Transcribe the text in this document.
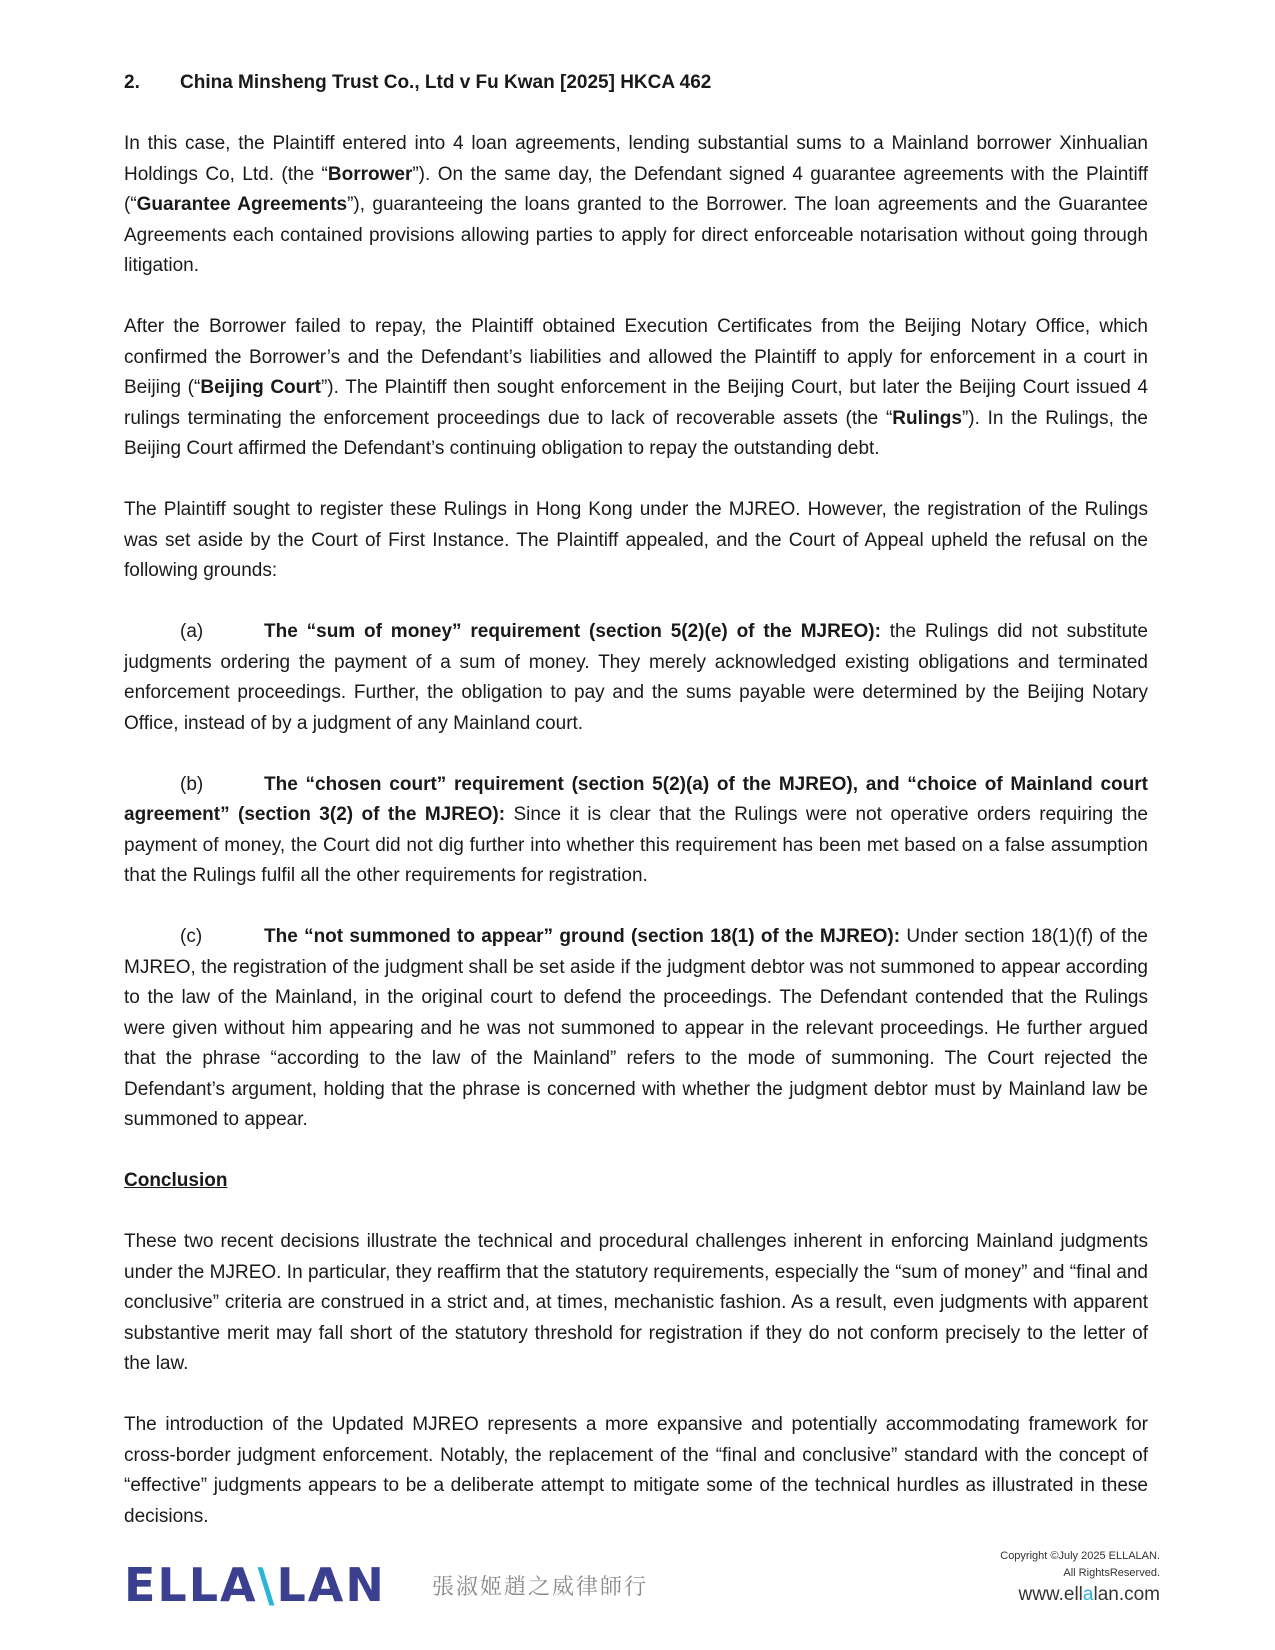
2.	China Minsheng Trust Co., Ltd v Fu Kwan [2025] HKCA 462

In this case, the Plaintiff entered into 4 loan agreements, lending substantial sums to a Mainland borrower Xinhualian Holdings Co, Ltd. (the “Borrower”). On the same day, the Defendant signed 4 guarantee agreements with the Plaintiff (“Guarantee Agreements”), guaranteeing the loans granted to the Borrower. The loan agreements and the Guarantee Agreements each contained provisions allowing parties to apply for direct enforceable notarisation without going through litigation.

After the Borrower failed to repay, the Plaintiff obtained Execution Certificates from the Beijing Notary Office, which confirmed the Borrower’s and the Defendant’s liabilities and allowed the Plaintiff to apply for enforcement in a court in Beijing (“Beijing Court”). The Plaintiff then sought enforcement in the Beijing Court, but later the Beijing Court issued 4 rulings terminating the enforcement proceedings due to lack of recoverable assets (the “Rulings”). In the Rulings, the Beijing Court affirmed the Defendant’s continuing obligation to repay the outstanding debt.

The Plaintiff sought to register these Rulings in Hong Kong under the MJREO. However, the registration of the Rulings was set aside by the Court of First Instance. The Plaintiff appealed, and the Court of Appeal upheld the refusal on the following grounds:

(a)	The “sum of money” requirement (section 5(2)(e) of the MJREO): the Rulings did not substitute judgments ordering the payment of a sum of money. They merely acknowledged existing obligations and terminated enforcement proceedings. Further, the obligation to pay and the sums payable were determined by the Beijing Notary Office, instead of by a judgment of any Mainland court.

(b)	The “chosen court” requirement (section 5(2)(a) of the MJREO), and “choice of Mainland court agreement” (section 3(2) of the MJREO): Since it is clear that the Rulings were not operative orders requiring the payment of money, the Court did not dig further into whether this requirement has been met based on a false assumption that the Rulings fulfil all the other requirements for registration.

(c)	The “not summoned to appear” ground (section 18(1) of the MJREO): Under section 18(1)(f) of the MJREO, the registration of the judgment shall be set aside if the judgment debtor was not summoned to appear according to the law of the Mainland, in the original court to defend the proceedings. The Defendant contended that the Rulings were given without him appearing and he was not summoned to appear in the relevant proceedings. He further argued that the phrase “according to the law of the Mainland” refers to the mode of summoning. The Court rejected the Defendant’s argument, holding that the phrase is concerned with whether the judgment debtor must by Mainland law be summoned to appear.

Conclusion

These two recent decisions illustrate the technical and procedural challenges inherent in enforcing Mainland judgments under the MJREO. In particular, they reaffirm that the statutory requirements, especially the “sum of money” and “final and conclusive” criteria are construed in a strict and, at times, mechanistic fashion. As a result, even judgments with apparent substantive merit may fall short of the statutory threshold for registration if they do not conform precisely to the letter of the law.

The introduction of the Updated MJREO represents a more expansive and potentially accommodating framework for cross-border judgment enforcement. Notably, the replacement of the “final and conclusive” standard with the concept of “effective” judgments appears to be a deliberate attempt to mitigate some of the technical hurdles as illustrated in these decisions.

ELLA\LAN 張淑姬趙之威律師行
Copyright ©July 2025 ELLALAN.
All RightsReserved.
www.ellalan.com
